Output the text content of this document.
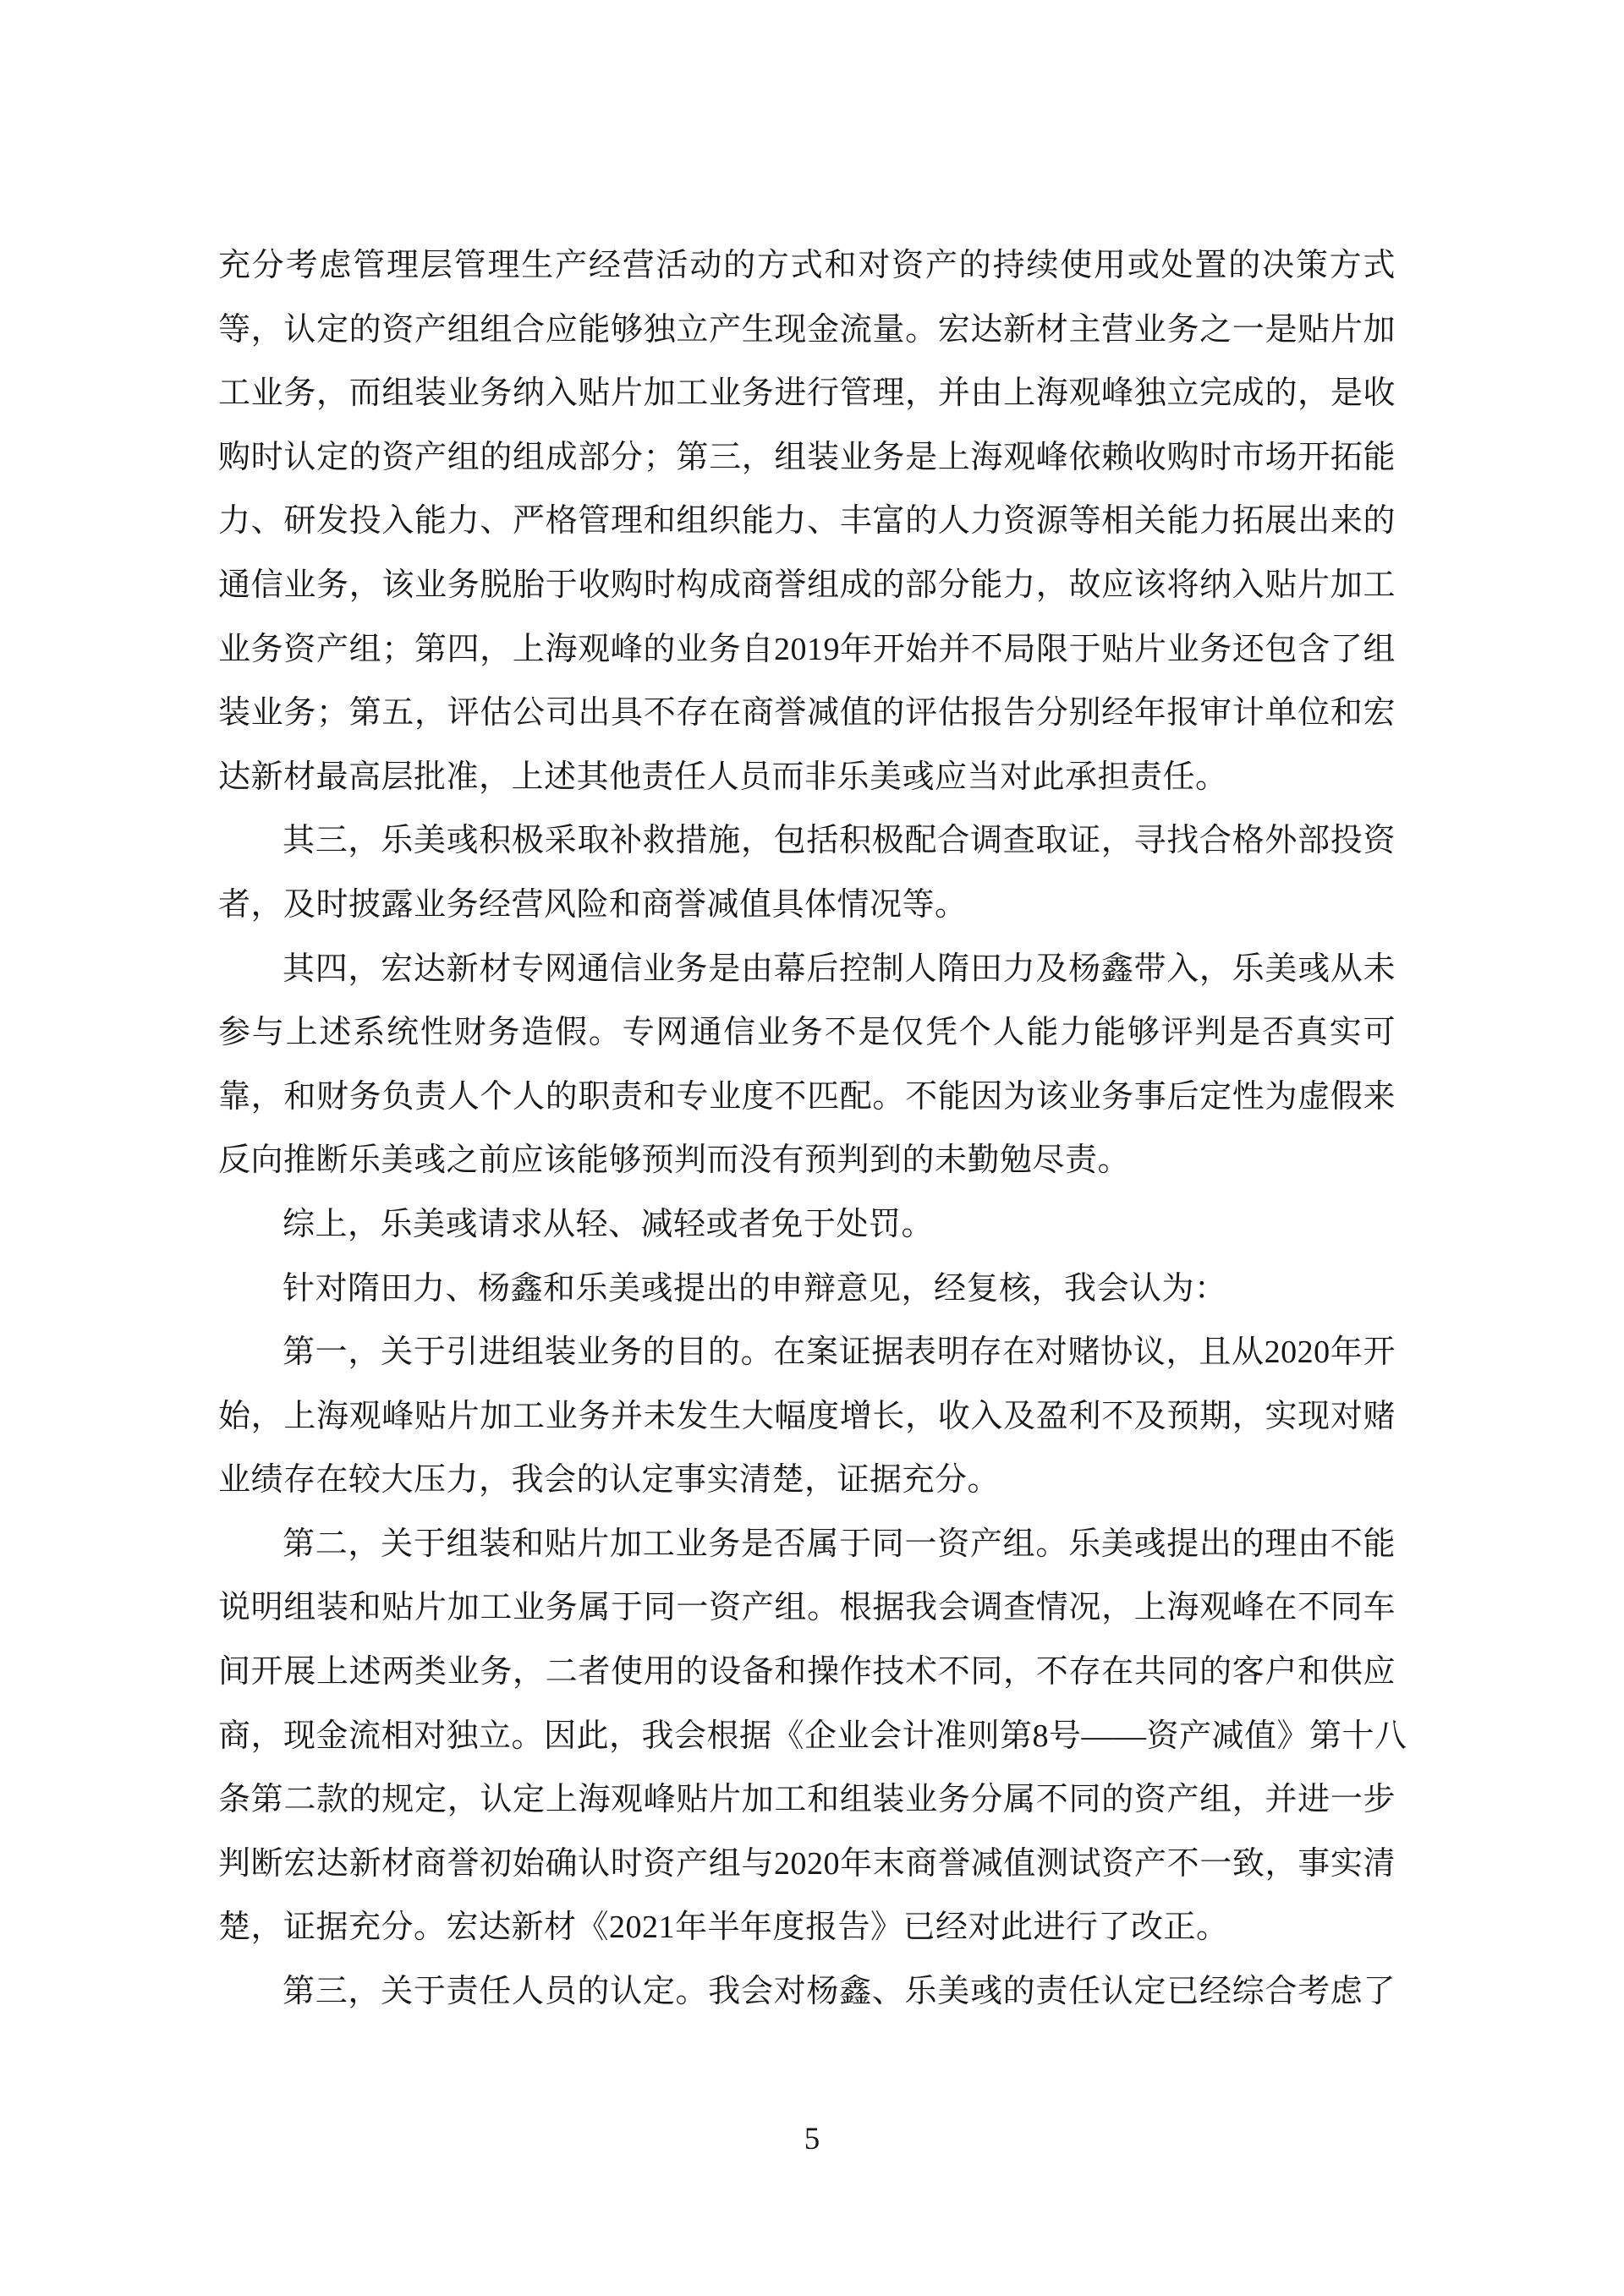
充分考虑管理层管理生产经营活动的方式和对资产的持续使用或处置的决策方式
等，认定的资产组组合应能够独立产生现金流量。宏达新材主营业务之一是贴片加
工业务，而组装业务纳入贴片加工业务进行管理，并由上海观峰独立完成的，是收
购时认定的资产组的组成部分；第三，组装业务是上海观峰依赖收购时市场开拓能
力、研发投入能力、严格管理和组织能力、丰富的人力资源等相关能力拓展出来的
通信业务，该业务脱胎于收购时构成商誉组成的部分能力，故应该将纳入贴片加工
业务资产组；第四，上海观峰的业务自2019年开始并不局限于贴片业务还包含了组
装业务；第五，评估公司出具不存在商誉减值的评估报告分别经年报审计单位和宏
达新材最高层批准，上述其他责任人员而非乐美彧应当对此承担责任。
其三，乐美彧积极采取补救措施，包括积极配合调查取证，寻找合格外部投资
者，及时披露业务经营风险和商誉减值具体情况等。
其四，宏达新材专网通信业务是由幕后控制人隋田力及杨鑫带入，乐美彧从未
参与上述系统性财务造假。专网通信业务不是仅凭个人能力能够评判是否真实可
靠，和财务负责人个人的职责和专业度不匹配。不能因为该业务事后定性为虚假来
反向推断乐美彧之前应该能够预判而没有预判到的未勤勉尽责。
综上，乐美彧请求从轻、减轻或者免于处罚。
针对隋田力、杨鑫和乐美彧提出的申辩意见，经复核，我会认为：
第一，关于引进组装业务的目的。在案证据表明存在对赌协议，且从2020年开
始，上海观峰贴片加工业务并未发生大幅度增长，收入及盈利不及预期，实现对赌
业绩存在较大压力，我会的认定事实清楚，证据充分。
第二，关于组装和贴片加工业务是否属于同一资产组。乐美彧提出的理由不能
说明组装和贴片加工业务属于同一资产组。根据我会调查情况，上海观峰在不同车
间开展上述两类业务，二者使用的设备和操作技术不同，不存在共同的客户和供应
商，现金流相对独立。因此，我会根据《企业会计准则第8号——资产减值》第十八
条第二款的规定，认定上海观峰贴片加工和组装业务分属不同的资产组，并进一步
判断宏达新材商誉初始确认时资产组与2020年末商誉减值测试资产不一致，事实清
楚，证据充分。宏达新材《2021年半年度报告》已经对此进行了改正。
第三，关于责任人员的认定。我会对杨鑫、乐美彧的责任认定已经综合考虑了
5
